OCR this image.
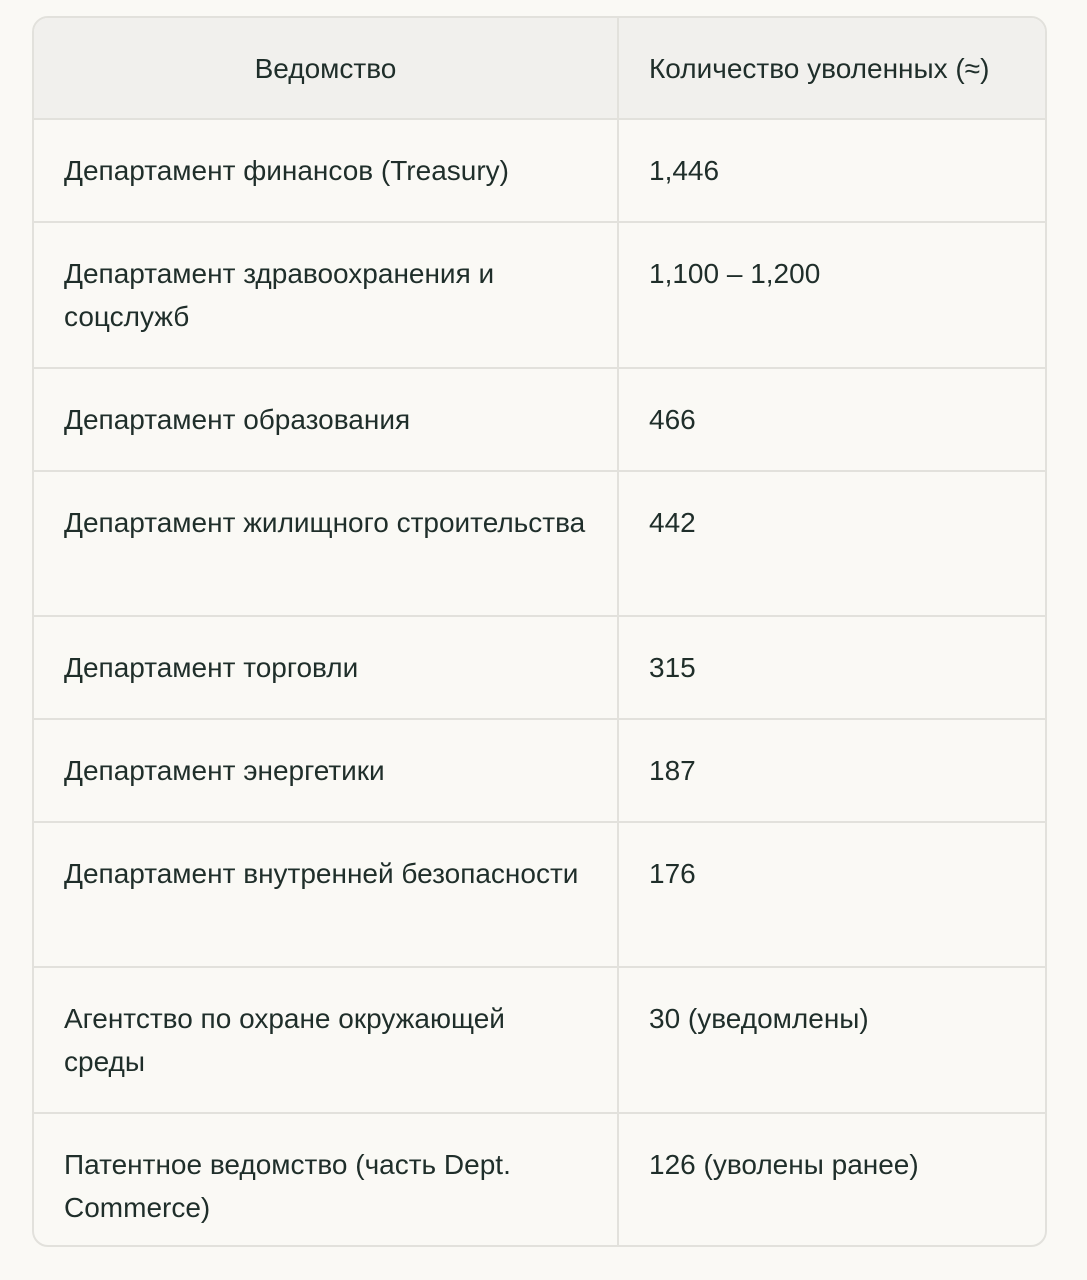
Ведомство	Количество уволенных (≈)
Департамент финансов (Treasury)	1,446
Департамент здравоохранения и соцслужб	1,100 – 1,200
Департамент образования	466
Департамент жилищного строительства	442
Департамент торговли	315
Департамент энергетики	187
Департамент внутренней безопасности	176
Агентство по охране окружающей среды	30 (уведомлены)
Патентное ведомство (часть Dept. Commerce)	126 (уволены ранее)
